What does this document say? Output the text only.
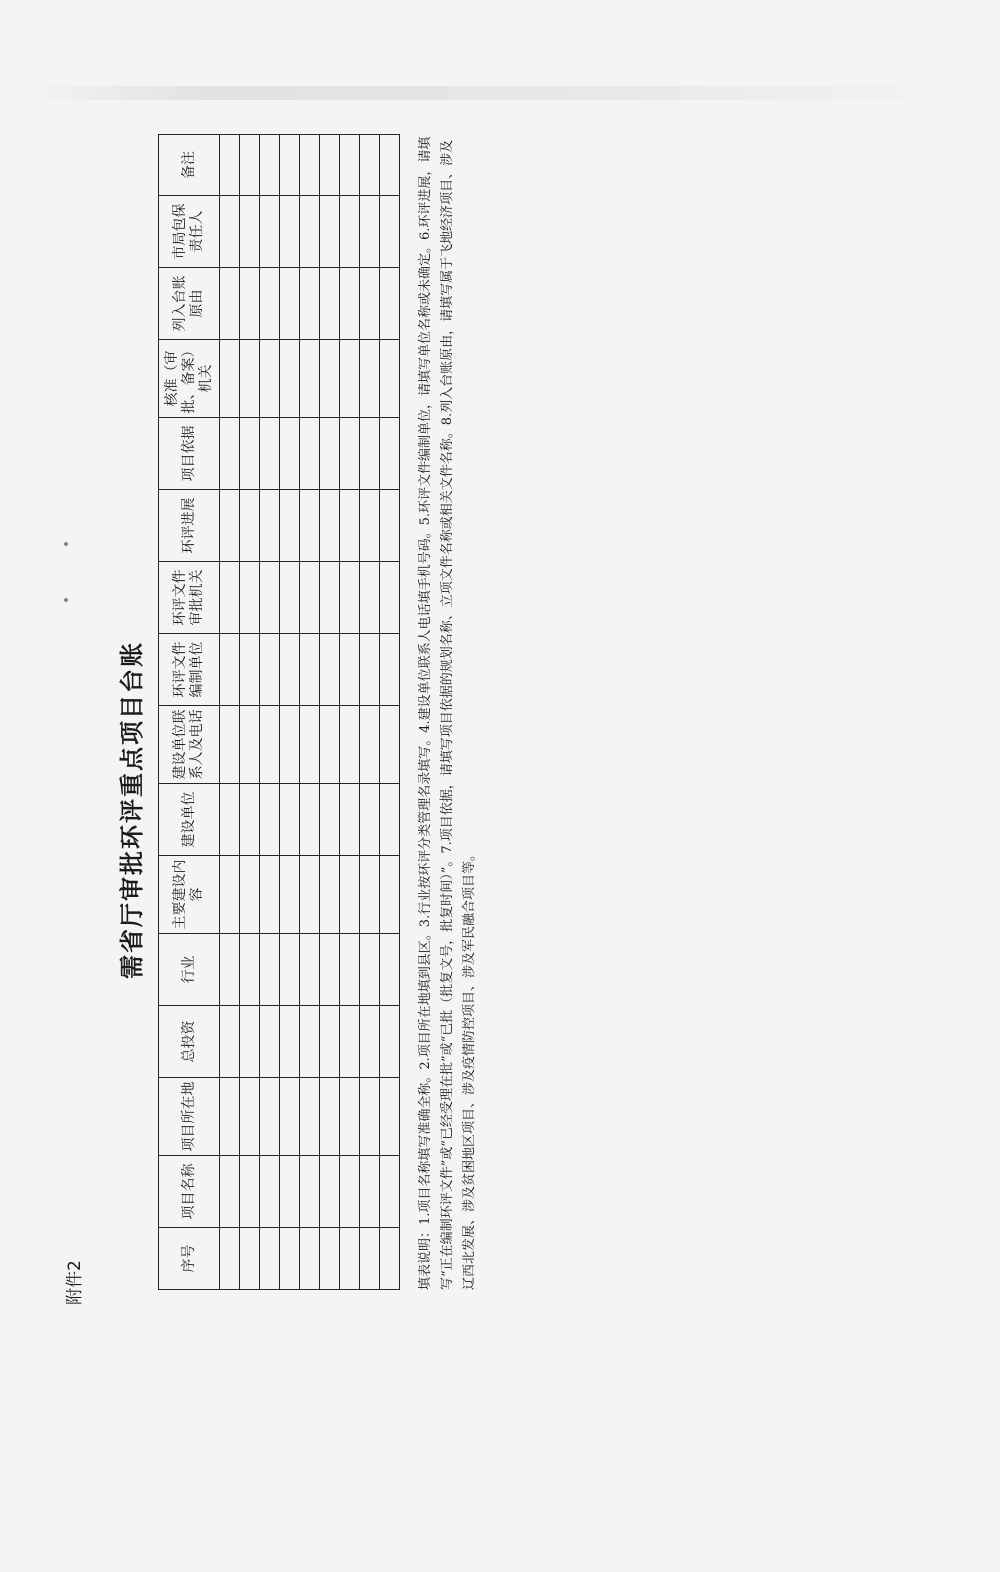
附件2
需省厅审批环评重点项目台账
序号	项目名称	项目所在地	总投资	行业	主要建设内容	建设单位	建设单位联系人及电话	环评文件编制单位	环评文件审批机关	环评进展	项目依据	核准（审批、备案）机关	列入台账原由	市局包保责任人	备注

																填表说明：1.项目名称填写准确全称。2.项目所在地填到县区。3.行业按环评分类管理名录填写。4.建设单位联系人电话填手机号码。5.环评文件编制单位，请填写单位名称或未确定。6.环评进展，请填写“正在编制环评文件”或“已经受理在批”或“已批（批复文号，批复时间）”。7.项目依据，请填写项目依据的规划名称、立项文件名称或相关文件名称。8.列入台账原由，请填写属于飞地经济项目、涉及辽西北发展、涉及贫困地区项目、涉及疫情防控项目、涉及军民融合项目等。
